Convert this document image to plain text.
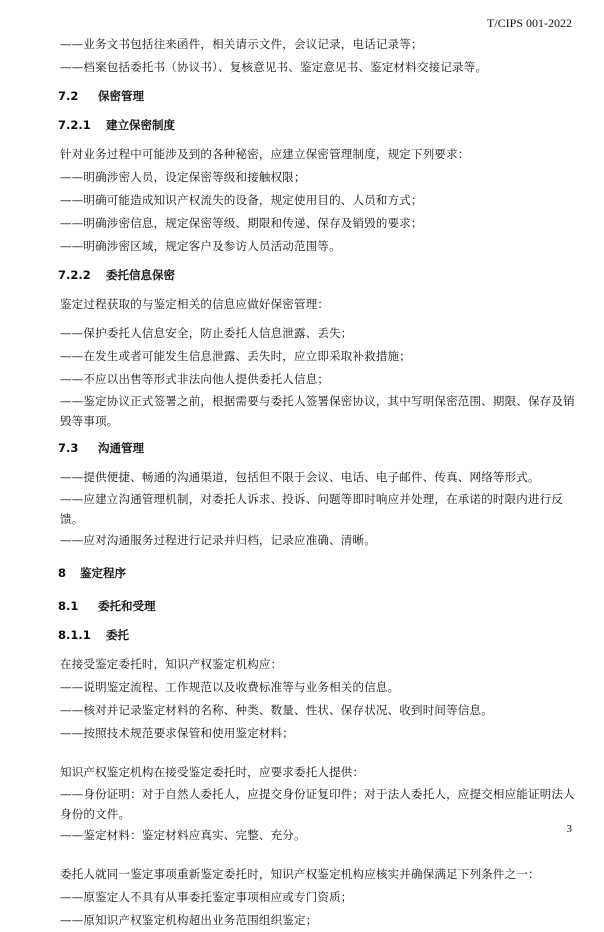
T/CIPS 001-2022
——业务文书包括往来函件，相关请示文件，会议记录，电话记录等；
——档案包括委托书（协议书）、复核意见书、鉴定意见书、鉴定材料交接记录等。
7.2 保密管理
7.2.1 建立保密制度
针对业务过程中可能涉及到的各种秘密，应建立保密管理制度，规定下列要求：
——明确涉密人员，设定保密等级和接触权限；
——明确可能造成知识产权流失的设备，规定使用目的、人员和方式；
——明确涉密信息，规定保密等级、期限和传递、保存及销毁的要求；
——明确涉密区域，规定客户及参访人员活动范围等。
7.2.2 委托信息保密
鉴定过程获取的与鉴定相关的信息应做好保密管理：
——保护委托人信息安全，防止委托人信息泄露、丢失；
——在发生或者可能发生信息泄露、丢失时，应立即采取补救措施；
——不应以出售等形式非法向他人提供委托人信息；
——鉴定协议正式签署之前，根据需要与委托人签署保密协议，其中写明保密范围、期限、保存及销毁等事项。
7.3 沟通管理
——提供便捷、畅通的沟通渠道，包括但不限于会议、电话、电子邮件、传真、网络等形式。
——应建立沟通管理机制，对委托人诉求、投诉、问题等即时响应并处理，在承诺的时限内进行反馈。
——应对沟通服务过程进行记录并归档，记录应准确、清晰。
8 鉴定程序
8.1 委托和受理
8.1.1 委托
在接受鉴定委托时，知识产权鉴定机构应：
——说明鉴定流程、工作规范以及收费标准等与业务相关的信息。
——核对并记录鉴定材料的名称、种类、数量、性状、保存状况、收到时间等信息。
——按照技术规范要求保管和使用鉴定材料；
知识产权鉴定机构在接受鉴定委托时，应要求委托人提供：
——身份证明：对于自然人委托人，应提交身份证复印件；对于法人委托人，应提交相应能证明法人身份的文件。
——鉴定材料：鉴定材料应真实、完整、充分。
委托人就同一鉴定事项重新鉴定委托时，知识产权鉴定机构应核实并确保满足下列条件之一：
——原鉴定人不具有从事委托鉴定事项相应或专门资质；
——原知识产权鉴定机构超出业务范围组织鉴定；
3
